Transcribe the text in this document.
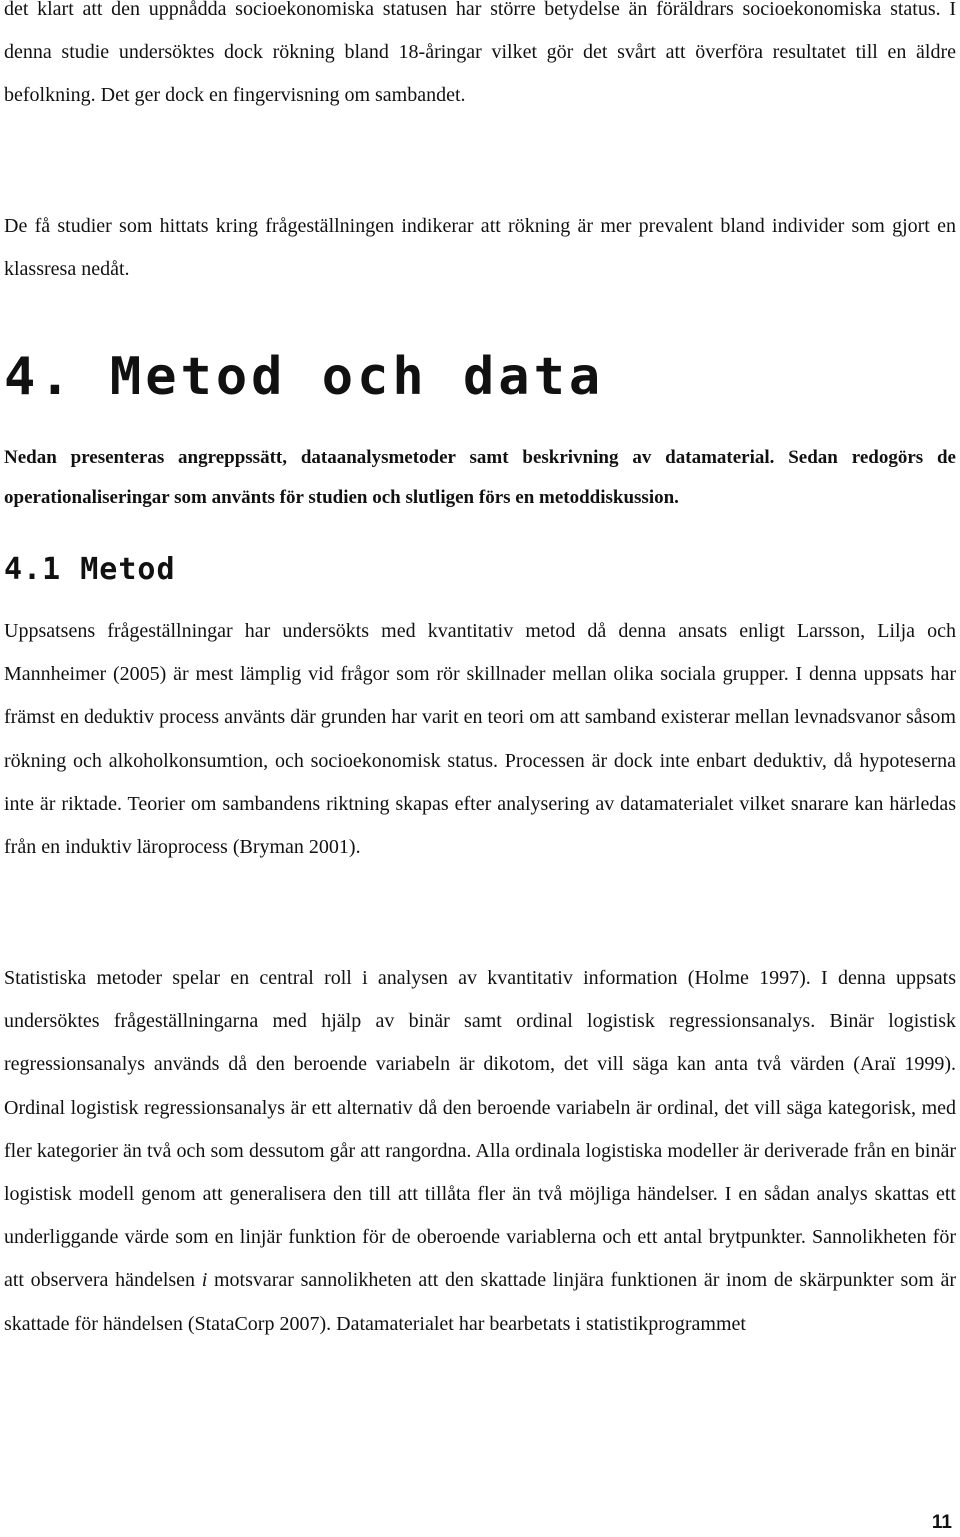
det klart att den uppnådda socioekonomiska statusen har större betydelse än föräldrars socioekonomiska status. I denna studie undersöktes dock rökning bland 18-åringar vilket gör det svårt att överföra resultatet till en äldre befolkning. Det ger dock en fingervisning om sambandet.

De få studier som hittats kring frågeställningen indikerar att rökning är mer prevalent bland individer som gjort en klassresa nedåt.

4. Metod och data

Nedan presenteras angreppssätt, dataanalysmetoder samt beskrivning av datamaterial. Sedan redogörs de operationaliseringar som använts för studien och slutligen förs en metoddiskussion.

4.1 Metod

Uppsatsens frågeställningar har undersökts med kvantitativ metod då denna ansats enligt Larsson, Lilja och Mannheimer (2005) är mest lämplig vid frågor som rör skillnader mellan olika sociala grupper. I denna uppsats har främst en deduktiv process använts där grunden har varit en teori om att samband existerar mellan levnadsvanor såsom rökning och alkoholkonsumtion, och socioekonomisk status. Processen är dock inte enbart deduktiv, då hypoteserna inte är riktade. Teorier om sambandens riktning skapas efter analysering av datamaterialet vilket snarare kan härledas från en induktiv läroprocess (Bryman 2001).

Statistiska metoder spelar en central roll i analysen av kvantitativ information (Holme 1997). I denna uppsats undersöktes frågeställningarna med hjälp av binär samt ordinal logistisk regressionsanalys. Binär logistisk regressionsanalys används då den beroende variabeln är dikotom, det vill säga kan anta två värden (Araï 1999). Ordinal logistisk regressionsanalys är ett alternativ då den beroende variabeln är ordinal, det vill säga kategorisk, med fler kategorier än två och som dessutom går att rangordna. Alla ordinala logistiska modeller är deriverade från en binär logistisk modell genom att generalisera den till att tillåta fler än två möjliga händelser. I en sådan analys skattas ett underliggande värde som en linjär funktion för de oberoende variablerna och ett antal brytpunkter. Sannolikheten för att observera händelsen i motsvarar sannolikheten att den skattade linjära funktionen är inom de skärpunkter som är skattade för händelsen (StataCorp 2007). Datamaterialet har bearbetats i statistikprogrammet

11
